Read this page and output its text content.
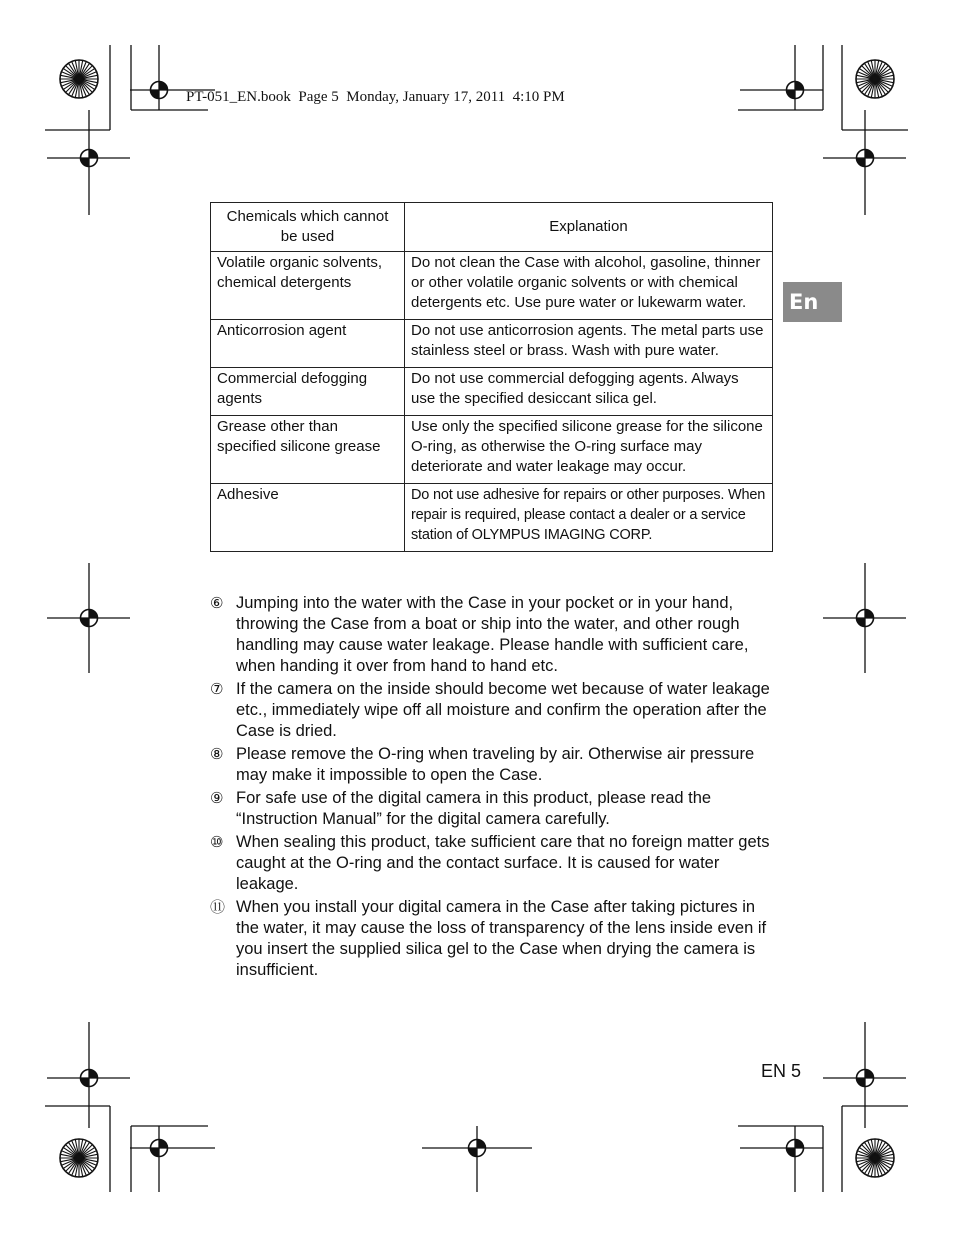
PT-051_EN.book  Page 5  Monday, January 17, 2011  4:10 PM
En
Chemicals which cannot be used	Explanation
Volatile organic solvents, chemical detergents	Do not clean the Case with alcohol, gasoline, thinner or other volatile organic solvents or with chemical detergents etc. Use pure water or lukewarm water.
Anticorrosion agent	Do not use anticorrosion agents. The metal parts use stainless steel or brass. Wash with pure water.
Commercial defogging agents	Do not use commercial defogging agents. Always use the specified desiccant silica gel.
Grease other than specified silicone grease	Use only the specified silicone grease for the silicone O-ring, as otherwise the O-ring surface may deteriorate and water leakage may occur.
Adhesive	Do not use adhesive for repairs or other purposes. When repair is required, please contact a dealer or a service station of OLYMPUS IMAGING CORP.
⑥ Jumping into the water with the Case in your pocket or in your hand, throwing the Case from a boat or ship into the water, and other rough handling may cause water leakage. Please handle with sufficient care, when handing it over from hand to hand etc.
⑦ If the camera on the inside should become wet because of water leakage etc., immediately wipe off all moisture and confirm the operation after the Case is dried.
⑧ Please remove the O-ring when traveling by air. Otherwise air pressure may make it impossible to open the Case.
⑨ For safe use of the digital camera in this product, please read the “Instruction Manual” for the digital camera carefully.
⑩ When sealing this product, take sufficient care that no foreign matter gets caught at the O-ring and the contact surface. It is caused for water leakage.
⑪ When you install your digital camera in the Case after taking pictures in the water, it may cause the loss of transparency of the lens inside even if you insert the supplied silica gel to the Case when drying the camera is insufficient.
EN 5
